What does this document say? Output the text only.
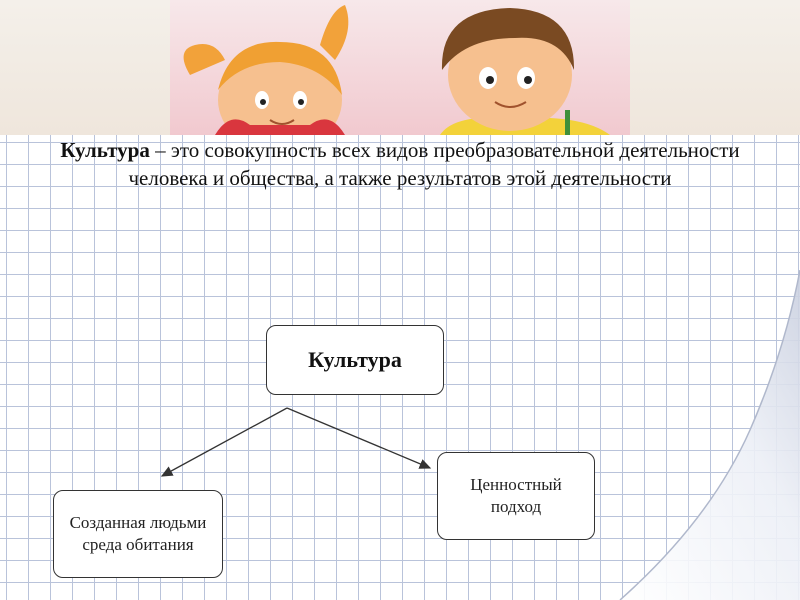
Культура – это совокупность всех видов преобразовательной деятельности человека и общества, а также результатов этой деятельности
Культура
Созданная людьми среда обитания
Ценностный подход
